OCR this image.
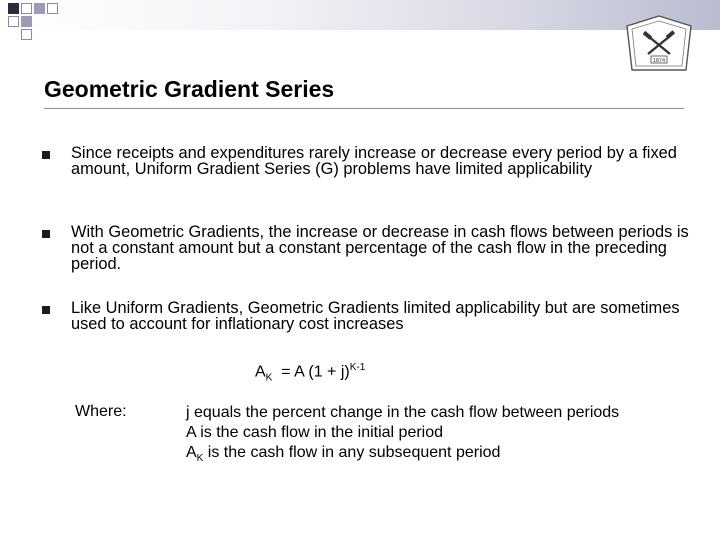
1874
Geometric Gradient Series
Since receipts and expenditures rarely increase or decrease every period by a fixed amount, Uniform Gradient Series (G) problems have limited applicability
With Geometric Gradients, the increase or decrease in cash flows between periods is not a constant amount but a constant percentage of the cash flow in the preceding period.
Like Uniform Gradients, Geometric Gradients limited applicability but are sometimes used to account for inflationary cost increases
$A_K = A$ $(1 + j)^{K-1}$
Where:	j equals the percent change in the cash flow between periods
A is the cash flow in the initial period
$A_K$ is the cash flow in any subsequent period
